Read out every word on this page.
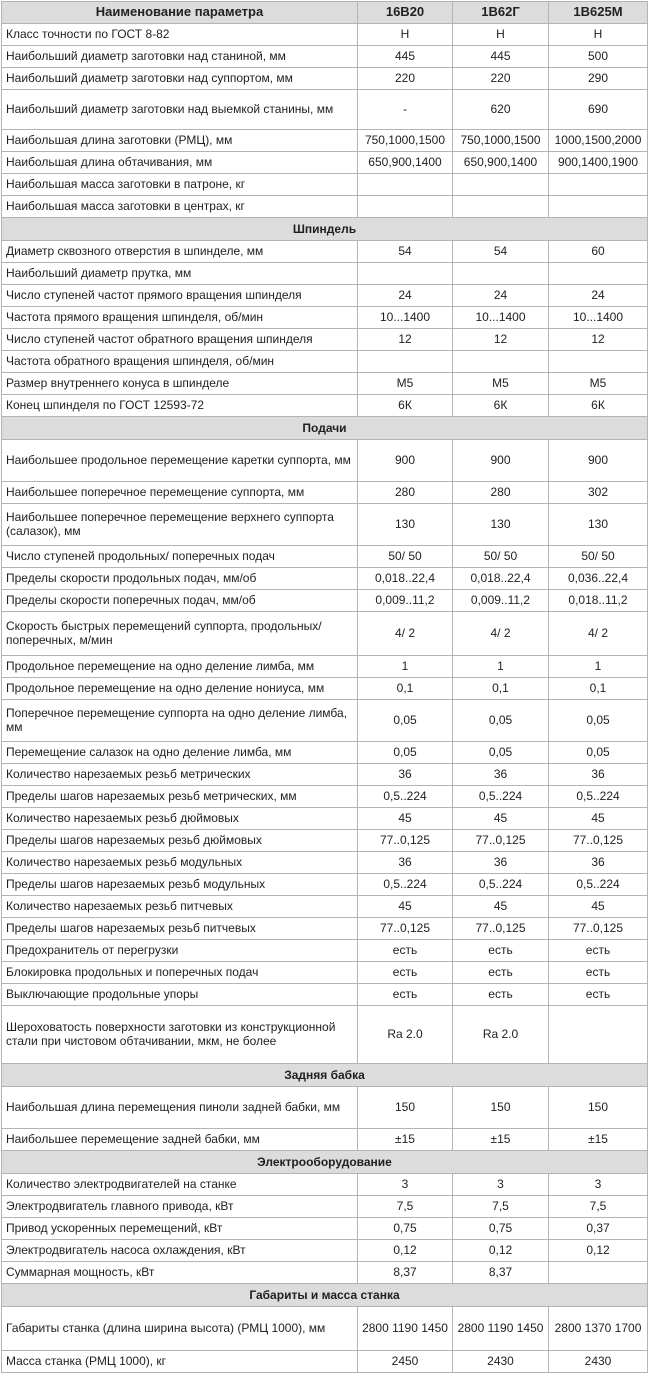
Наименование параметра	16В20	1В62Г	1В625М
Класс точности по ГОСТ 8-82	Н	Н	Н
Наибольший диаметр заготовки над станиной, мм	445	445	500
Наибольший диаметр заготовки над суппортом, мм	220	220	290
Наибольший диаметр заготовки над выемкой станины, мм	-	620	690
Наибольшая длина заготовки (РМЦ), мм	750,1000,1500	750,1000,1500	1000,1500,2000
Наибольшая длина обтачивания, мм	650,900,1400	650,900,1400	900,1400,1900
Наибольшая масса заготовки в патроне, кг			
Наибольшая масса заготовки в центрах, кг			
Шпиндель			
Диаметр сквозного отверстия в шпинделе, мм	54	54	60
Наибольший диаметр прутка, мм			
Число ступеней частот прямого вращения шпинделя	24	24	24
Частота прямого вращения шпинделя, об/мин	10...1400	10...1400	10...1400
Число ступеней частот обратного вращения шпинделя	12	12	12
Частота обратного вращения шпинделя, об/мин			
Размер внутреннего конуса в шпинделе	М5	М5	М5
Конец шпинделя по ГОСТ 12593-72	6К	6К	6К
Подачи			
Наибольшее продольное перемещение каретки суппорта, мм	900	900	900
Наибольшее поперечное перемещение суппорта, мм	280	280	302
Наибольшее поперечное перемещение верхнего суппорта (салазок), мм	130	130	130
Число ступеней продольных/ поперечных подач	50/ 50	50/ 50	50/ 50
Пределы скорости продольных подач, мм/об	0,018..22,4	0,018..22,4	0,036..22,4
Пределы скорости поперечных подач, мм/об	0,009..11,2	0,009..11,2	0,018..11,2
Скорость быстрых перемещений суппорта, продольных/ поперечных, м/мин	4/ 2	4/ 2	4/ 2
Продольное перемещение на одно деление лимба, мм	1	1	1
Продольное перемещение на одно деление нониуса, мм	0,1	0,1	0,1
Поперечное перемещение суппорта на одно деление лимба, мм	0,05	0,05	0,05
Перемещение салазок на одно деление лимба, мм	0,05	0,05	0,05
Количество нарезаемых резьб метрических	36	36	36
Пределы шагов нарезаемых резьб метрических, мм	0,5..224	0,5..224	0,5..224
Количество нарезаемых резьб дюймовых	45	45	45
Пределы шагов нарезаемых резьб дюймовых	77..0,125	77..0,125	77..0,125
Количество нарезаемых резьб модульных	36	36	36
Пределы шагов нарезаемых резьб модульных	0,5..224	0,5..224	0,5..224
Количество нарезаемых резьб питчевых	45	45	45
Пределы шагов нарезаемых резьб питчевых	77..0,125	77..0,125	77..0,125
Предохранитель от перегрузки	есть	есть	есть
Блокировка продольных и поперечных подач	есть	есть	есть
Выключающие продольные упоры	есть	есть	есть
Шероховатость поверхности заготовки из конструкционной стали при чистовом обтачивании, мкм, не более	Ra 2.0	Ra 2.0	
Задняя бабка			
Наибольшая длина перемещения пиноли задней бабки, мм	150	150	150
Наибольшее перемещение задней бабки, мм	±15	±15	±15
Электрооборудование			
Количество электродвигателей на станке	3	3	3
Электродвигатель главного привода, кВт	7,5	7,5	7,5
Привод ускоренных перемещений, кВт	0,75	0,75	0,37
Электродвигатель насоса охлаждения, кВт	0,12	0,12	0,12
Суммарная мощность, кВт	8,37	8,37	
Габариты и масса станка			
Габариты станка (длина ширина высота) (РМЦ 1000), мм	2800 1190 1450	2800 1190 1450	2800 1370 1700
Масса станка (РМЦ 1000), кг	2450	2430	2430
